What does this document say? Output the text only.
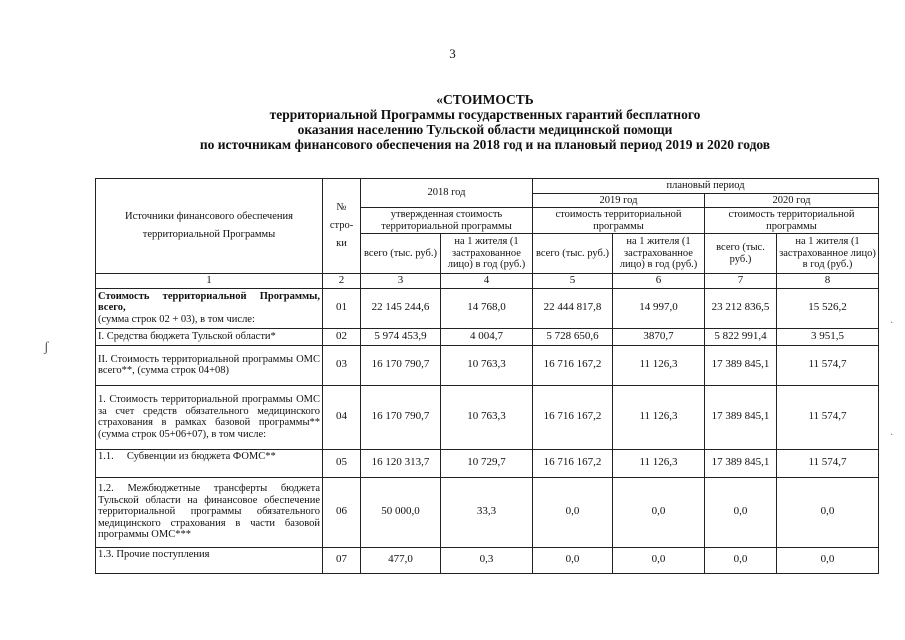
3
«СТОИМОСТЬ
территориальной Программы государственных гарантий бесплатного
оказания населению Тульской области медицинской помощи
по источникам финансового обеспечения на 2018 год и на плановый период 2019 и 2020 годов
ʃ
·
·
Источники финансового обеспечения территориальной Программы	№ стро-ки	2018 год		плановый период			
				2019 год		2020 год	
		утвержденная стоимость территориальной программы		стоимость территориальной программы		стоимость территориальной программы	
		всего (тыс. руб.)	на 1 жителя (1 застрахованное лицо) в год (руб.)	всего (тыс. руб.)	на 1 жителя (1 застрахованное лицо) в год (руб.)	всего (тыс. руб.)	на 1 жителя (1 застрахованное лицо) в год (руб.)
1	2	3	4	5	6	7	8
Стоимость территориальной Программы, всего,
(сумма строк 02 + 03), в том числе:	01	22 145 244,6	14 768,0	22 444 817,8	14 997,0	23 212 836,5	15 526,2
I. Средства бюджета Тульской области*	02	5 974 453,9	4 004,7	5 728 650,6	3870,7	5 822 991,4	3 951,5
II. Стоимость территориальной программы ОМС всего**, (сумма строк 04+08)	03	16 170 790,7	10 763,3	16 716 167,2	11 126,3	17 389 845,1	11 574,7
1. Стоимость территориальной программы ОМС за счет средств обязательного медицинского страхования в рамках базовой программы** (сумма строк 05+06+07), в том числе:	04	16 170 790,7	10 763,3	16 716 167,2	11 126,3	17 389 845,1	11 574,7
1.1.     Субвенции из бюджета ФОМС**	05	16 120 313,7	10 729,7	16 716 167,2	11 126,3	17 389 845,1	11 574,7
1.2. Межбюджетные трансферты бюджета Тульской области на финансовое обеспечение территориальной программы обязательного медицинского страхования в части базовой программы ОМС***	06	50 000,0	33,3	0,0	0,0	0,0	0,0
1.3. Прочие поступления	07	477,0	0,3	0,0	0,0	0,0	0,0
